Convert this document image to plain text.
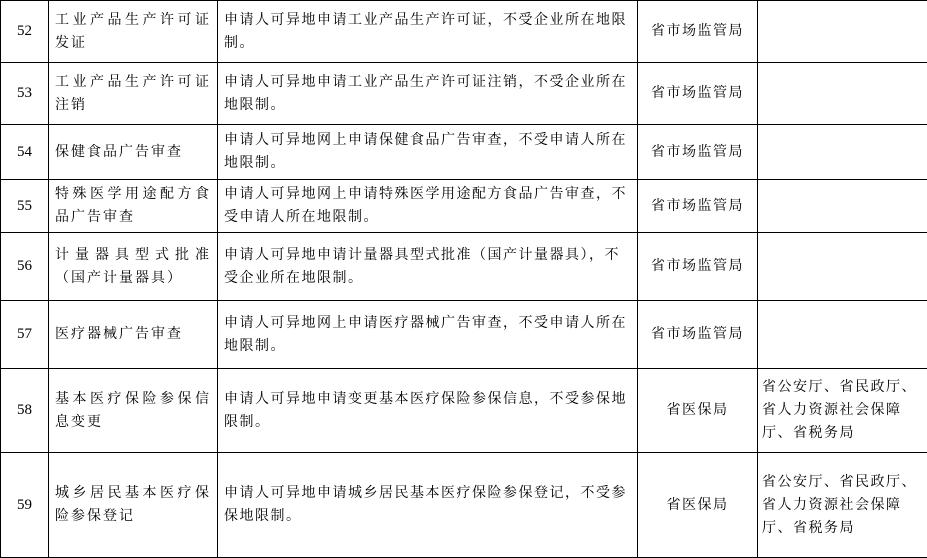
52	工业产品生产许可证发证	申请人可异地申请工业产品生产许可证，不受企业所在地限制。	省市场监管局	
53	工业产品生产许可证注销	申请人可异地申请工业产品生产许可证注销，不受企业所在地限制。	省市场监管局	
54	保健食品广告审查	申请人可异地网上申请保健食品广告审查，不受申请人所在地限制。	省市场监管局	
55	特殊医学用途配方食品广告审查	申请人可异地网上申请特殊医学用途配方食品广告审查，不受申请人所在地限制。	省市场监管局	
56	计量器具型式批准（国产计量器具）	申请人可异地申请计量器具型式批准（国产计量器具），不受企业所在地限制。	省市场监管局	
57	医疗器械广告审查	申请人可异地网上申请医疗器械广告审查，不受申请人所在地限制。	省市场监管局	
58	基本医疗保险参保信息变更	申请人可异地申请变更基本医疗保险参保信息，不受参保地限制。	省医保局	省公安厅、省民政厅、省人力资源社会保障厅、省税务局
59	城乡居民基本医疗保险参保登记	申请人可异地申请城乡居民基本医疗保险参保登记，不受参保地限制。	省医保局	省公安厅、省民政厅、省人力资源社会保障厅、省税务局
